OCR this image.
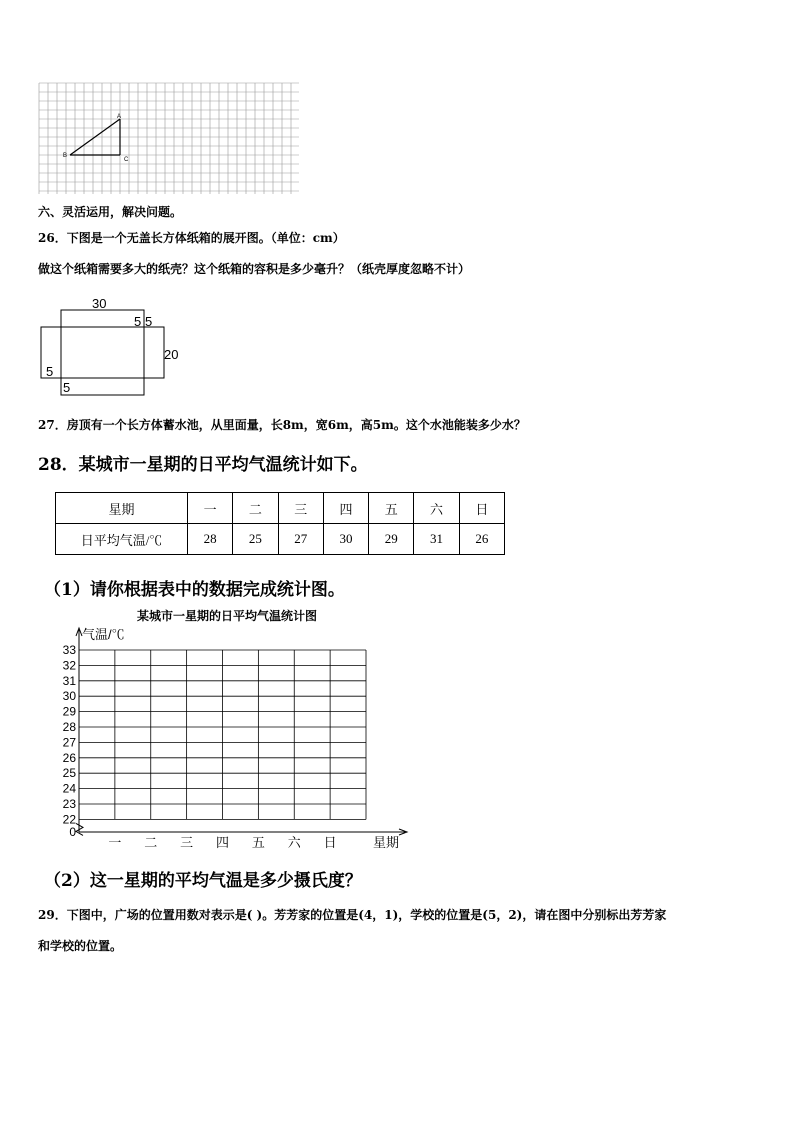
A
B
C
六、灵活运用，解决问题。
26．下图是一个无盖长方体纸箱的展开图。（单位：cm）
做这个纸箱需要多大的纸壳？这个纸箱的容积是多少毫升？（纸壳厚度忽略不计）
30
5 5
20
5
5
27．房顶有一个长方体蓄水池，从里面量，长8m，宽6m，高5m。这个水池能装多少水？
28．某城市一星期的日平均气温统计如下。
星期	一	二	三	四	五	六	日
日平均气温/℃	28	25	27	30	29	31	26
（1）请你根据表中的数据完成统计图。
某城市一星期的日平均气温统计图
33
32
31
30
29
28
27
26
25
24
23
22
0
一 二 三 四 五 六 日
气温/℃
星期
（2）这一星期的平均气温是多少摄氏度？
29．下图中，广场的位置用数对表示是( )。芳芳家的位置是(4，1)，学校的位置是(5，2)，请在图中分别标出芳芳家
和学校的位置。
